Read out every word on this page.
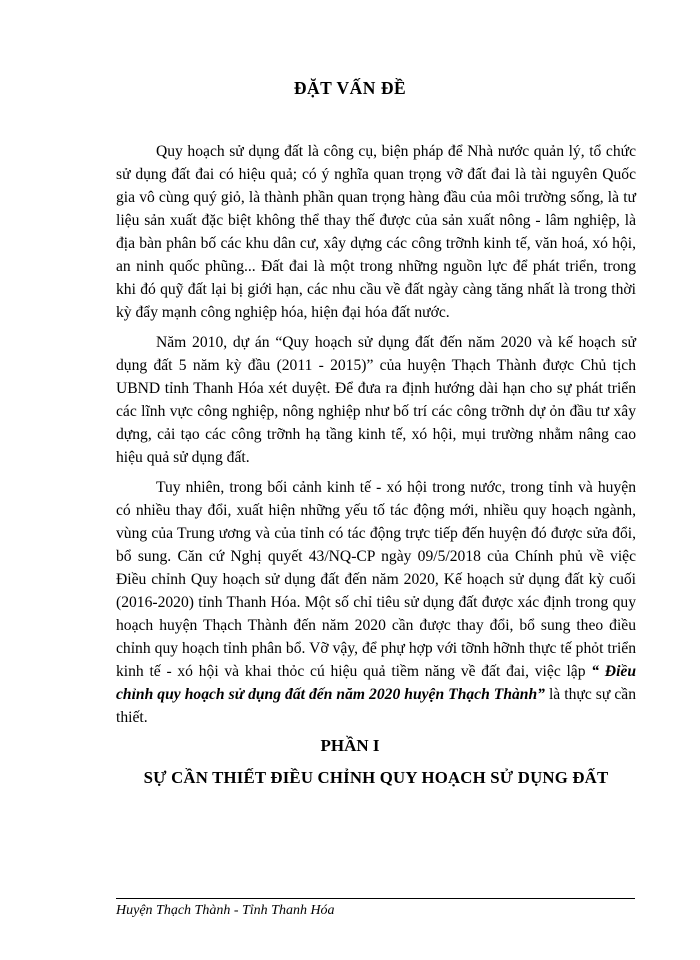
ĐẶT VẤN ĐỀ

Quy hoạch sử dụng đất là công cụ, biện pháp để Nhà nước quản lý, tổ chức sử dụng đất đai có hiệu quả; có ý nghĩa quan trọng vỡ đất đai là tài nguyên Quốc gia vô cùng quý giỏ, là thành phần quan trọng hàng đầu của môi trường sống, là tư liệu sản xuất đặc biệt không thể thay thế được của sản xuất nông - lâm nghiệp, là địa bàn phân bố các khu dân cư, xây dựng các công trỡnh kinh tế, văn hoá, xó hội, an ninh quốc phũng... Đất đai là một trong những nguồn lực để phát triển, trong khi đó quỹ đất lại bị giới hạn, các nhu cầu về đất ngày càng tăng nhất là trong thời kỳ đẩy mạnh công nghiệp hóa, hiện đại hóa đất nước.

Năm 2010, dự án “Quy hoạch sử dụng đất đến năm 2020 và kế hoạch sử dụng đất 5 năm kỳ đầu (2011 - 2015)” của huyện Thạch Thành được Chủ tịch UBND tỉnh Thanh Hóa xét duyệt. Để đưa ra định hướng dài hạn cho sự phát triển các lĩnh vực công nghiệp, nông nghiệp như bố trí các công trỡnh dự ỏn đầu tư xây dựng, cải tạo các công trỡnh hạ tầng kinh tế, xó hội, mụi trường nhằm nâng cao hiệu quả sử dụng đất.

Tuy nhiên, trong bối cảnh kinh tế - xó hội trong nước, trong tỉnh và huyện có nhiều thay đổi, xuất hiện những yếu tố tác động mới, nhiều quy hoạch ngành, vùng của Trung ương và của tỉnh có tác động trực tiếp đến huyện đó được sửa đổi, bổ sung. Căn cứ Nghị quyết 43/NQ-CP ngày 09/5/2018 của Chính phủ về việc Điều chỉnh Quy hoạch sử dụng đất đến năm 2020, Kế hoạch sử dụng đất kỳ cuối (2016-2020) tỉnh Thanh Hóa. Một số chỉ tiêu sử dụng đất được xác định trong quy hoạch huyện Thạch Thành đến năm 2020 cần được thay đổi, bổ sung theo điều chỉnh quy hoạch tỉnh phân bổ. Vỡ vậy, để phự hợp với tỡnh hỡnh thực tế phỏt triển kinh tế - xó hội và khai thỏc cú hiệu quả tiềm năng về đất đai, việc lập “ Điều chỉnh quy hoạch sử dụng đất đến năm 2020 huyện Thạch Thành” là thực sự cần thiết.

PHẦN I
SỰ CẦN THIẾT ĐIỀU CHỈNH QUY HOẠCH SỬ DỤNG ĐẤT
Huyện Thạch Thành - Tỉnh Thanh Hóa
